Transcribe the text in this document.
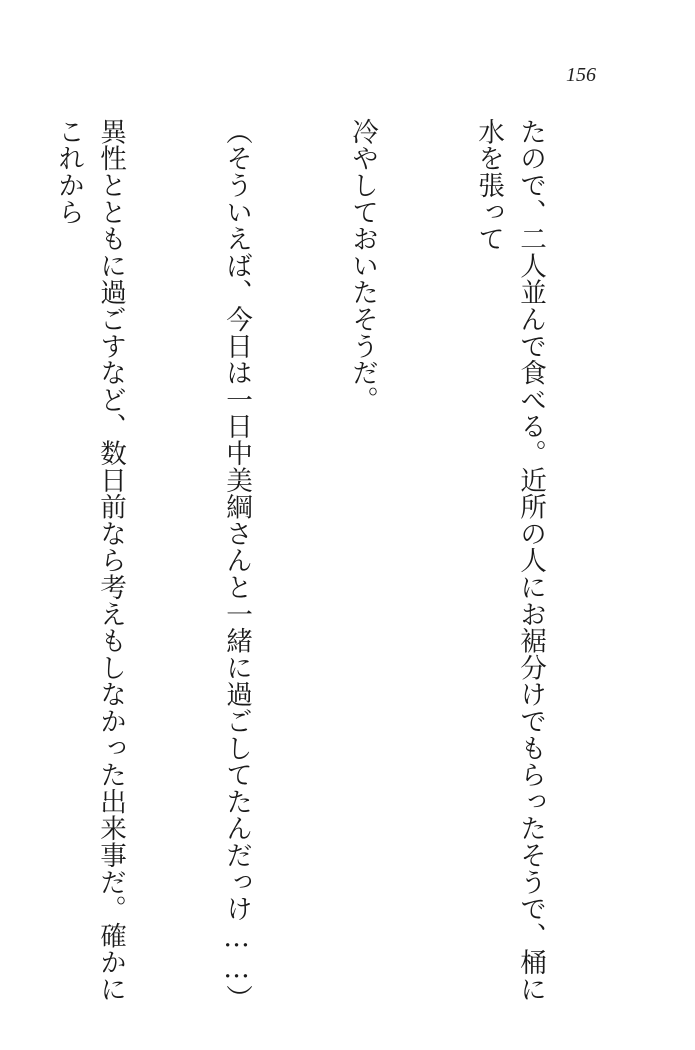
156

たので、二人並んで食べる。近所の人にお裾分けでもらったそうで、桶に水を張って

冷やしておいたそうだ。

（そういえば、今日は一日中美綱さんと一緒に過ごしてたんだっけ……）

異性とともに過ごすなど、数日前なら考えもしなかった出来事だ。確かにこれから
